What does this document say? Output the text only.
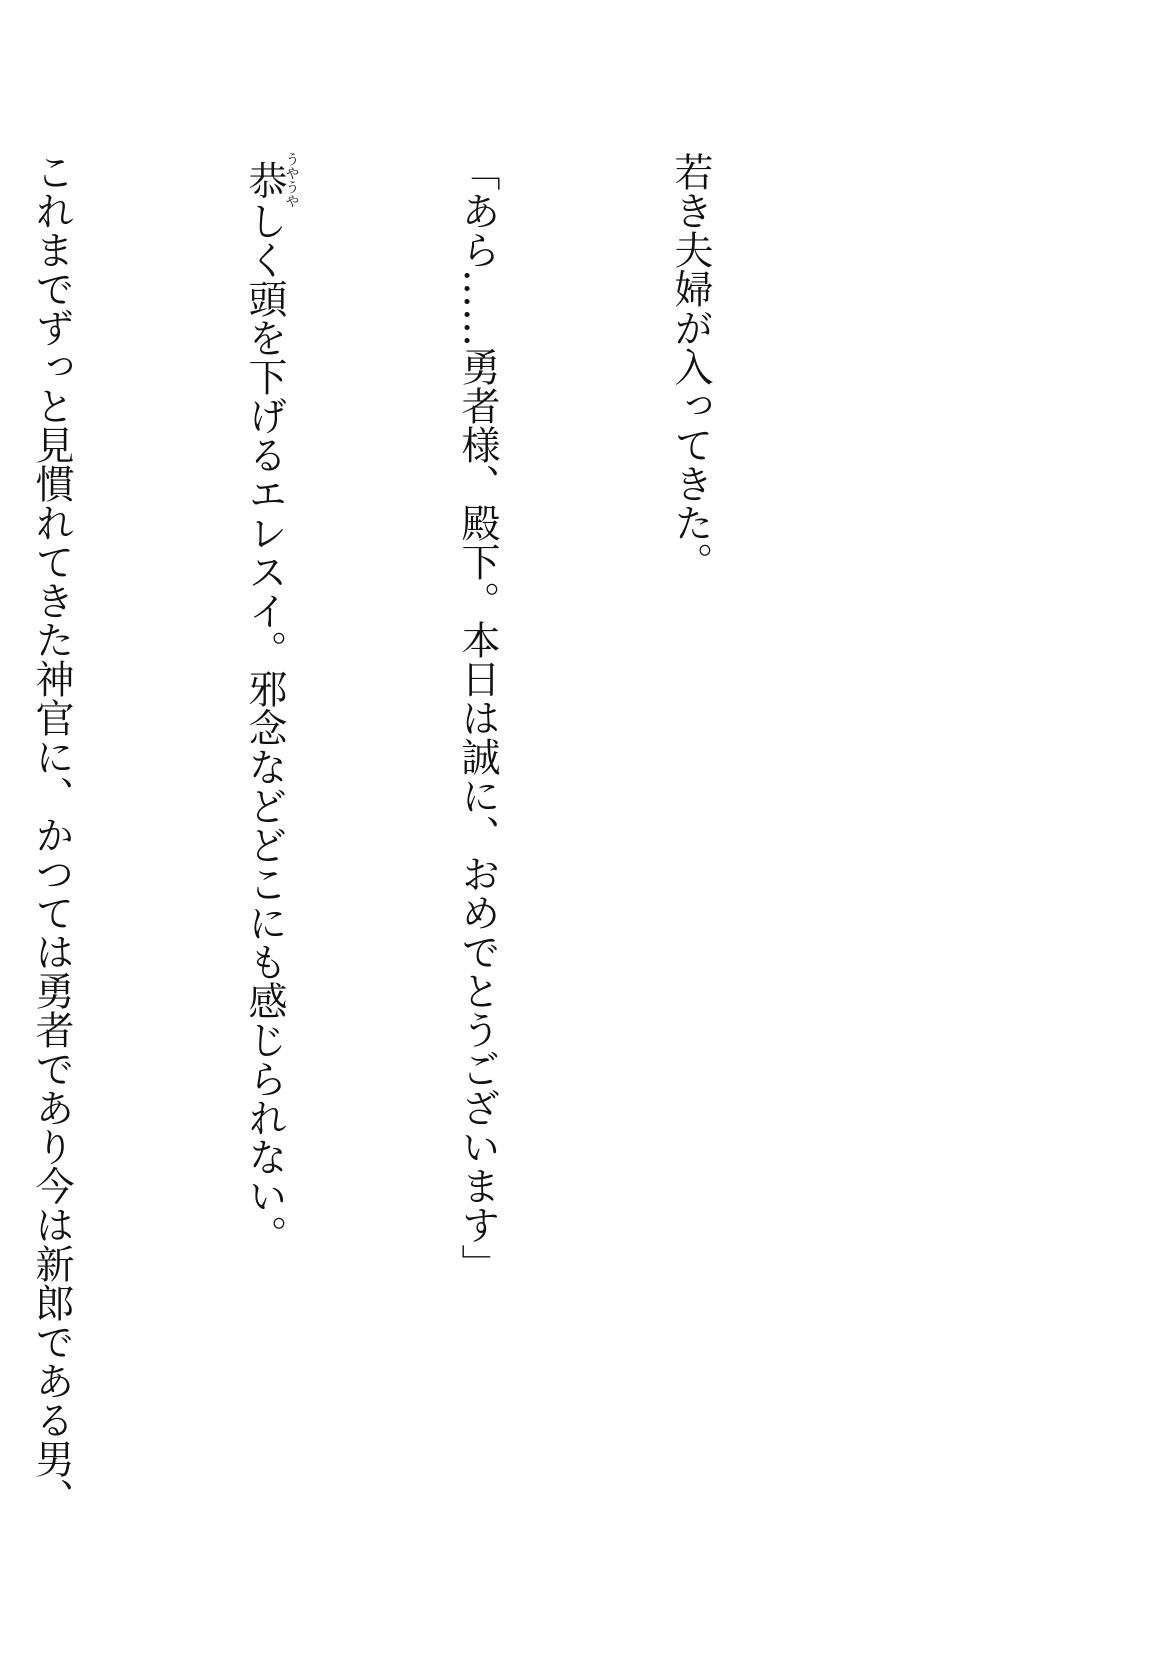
若き夫婦が入ってきた。

「あら……勇者様、殿下。本日は誠に、おめでとうございます」

恭うやうやしく頭を下げるエレスイ。邪念などどこにも感じられない。

これまでずっと見慣れてきた神官に、かつては勇者であり今は新郎である男、
